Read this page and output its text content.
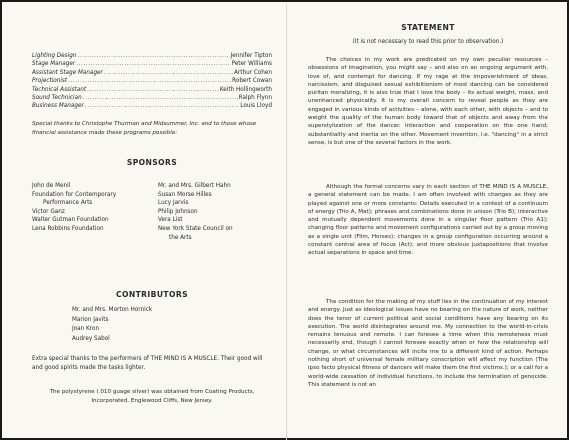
Lighting Design .....	Jennifer Tipton
Stage Manager .....	Peter Williams
Assistant Stage Manager .....	Arthur Cohen
Projectionist .....	Robert Cowan
Technical Assistant .....	Keith Hollingworth
Sound Technician .....	Ralph Flynn
Business Manager .....	Louis Lloyd
Special thanks to Christophe Thurman and Midsummer, Inc. and to those whose financial assistance made these programs possible:
SPONSORS
John de Menil
Foundation for Contemporary
Performance Arts
Victor Ganz
Walter Gutman Foundation
Lena Robbins Foundation
Mr. and Mrs. Gilbert Hahn
Susan Morse Hilles
Lucy Jarvis
Philip Johnson
Vera List
New York State Council on
the Arts
CONTRIBUTORS
Mr. and Mrs. Morton Hornick
Marion Javits
Joan Kron
Audrey Sabol
Extra special thanks to the performers of THE MIND IS A MUSCLE. Their good will and good spirits made the tasks lighter.
The polystyrene (.010 guage silver) was obtained from Coating Products, Incorporated, Englewood Cliffs, New Jersey.
STATEMENT
(It is not necessary to read this prior to observation.)
The choices in my work are predicated on my own peculiar resources – obsessions of imagination, you might say – and also on an ongoing argument with, love of, and contempt for dancing. If my rage at the impoverishment of ideas, narcissism, and disguised sexual exhibitionism of most dancing can be considered puritan moralizing, it is also true that I love the body – its actual weight, mass, and unenhanced physicality. It is my overall concern to reveal people as they are engaged in various kinds of activities – alone, with each other, with objects – and to weight the quality of the human body toward that of objects and away from the superstylization of the dancer. Interaction and cooperation on the one hand; substantiality and inertia on the other. Movement invention, i.e. "dancing" in a strict sense, is but one of the several factors in the work.
Although the formal concerns vary in each section of THE MIND IS A MUSCLE, a general statement can be made. I am often involved with changes as they are played against one or more constants: Details executed in a context of a continuum of energy (Trio A, Mat); phrases and combinations done in unison (Trio B); interactive and mutually dependent movements done in a singular floor pattern (Trio A1); changing floor patterns and movement configurations carried out by a group moving as a single unit (Film, Horses); changes in a group configuration occurring around a constant central area of focus (Act); and more obvious juxtapositions that involve actual separations in space and time.
The condition for the making of my stuff lies in the continuation of my interest and energy. Just as ideological issues have no bearing on the nature of work, neither does the tenor of current political and social conditions have any bearing on its execution. The world disintegrates around me. My connection to the world-in-crisis remains tenuous and remote. I can foresee a time when this remoteness must necessarily end, though I cannot foresee exactly when or how the relationship will change, or what circumstances will incite me to a different kind of action. Perhaps nothing short of universal female military conscription will affect my function (The ipso facto physical fitness of dancers will make them the first victims.); or a call for a world-wide cessation of individual functions, to include the termination of genocide. This statement is not an
